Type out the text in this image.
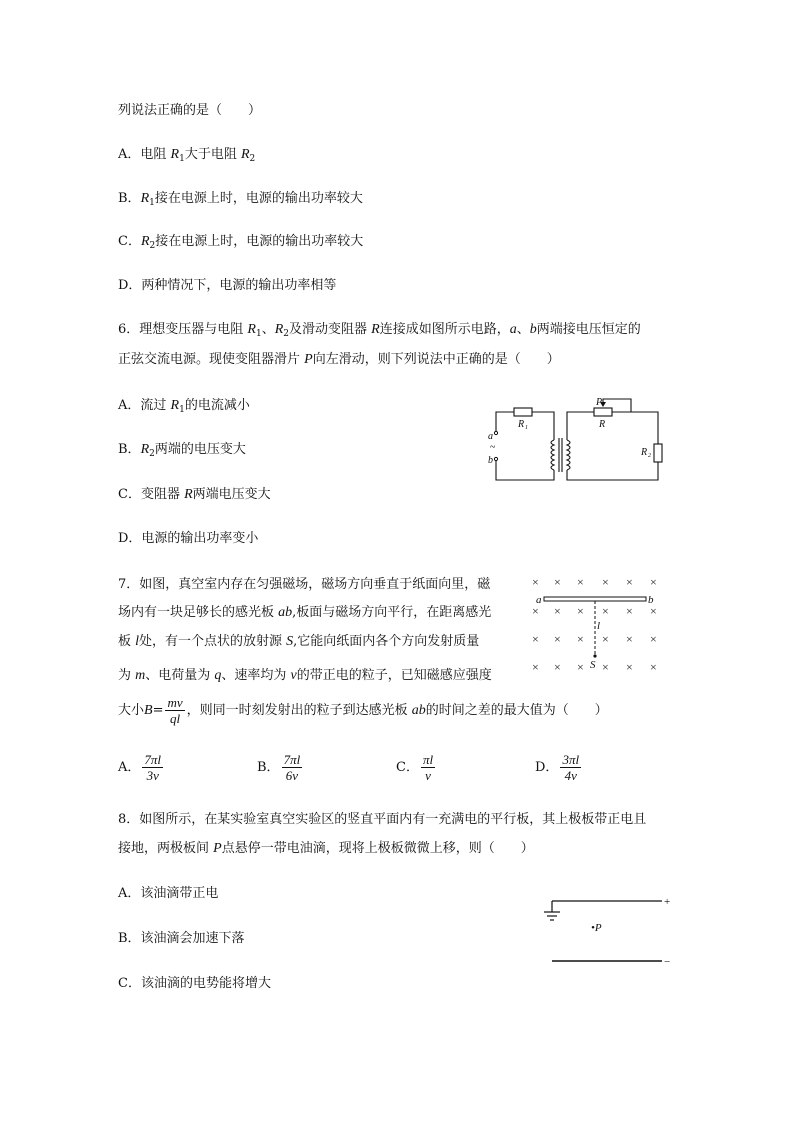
列说法正确的是（　　）
A．电阻 $R_1$大于电阻 $R_2$
B．$R_1$接在电源上时，电源的输出功率较大
C．$R_2$接在电源上时，电源的输出功率较大
D．两种情况下，电源的输出功率相等
6．理想变压器与电阻 $R_1$、$R_2$及滑动变阻器 R连接成如图所示电路，a、b两端接电压恒定的
正弦交流电源。现使变阻器滑片 P向左滑动，则下列说法中正确的是（　　）
A．流过 $R_1$的电流减小
B．$R_2$两端的电压变大
C．变阻器 R两端电压变大
D．电源的输出功率变小
R 1
P
R
R 2
a
~
b
7．如图，真空室内存在匀强磁场，磁场方向垂直于纸面向里，磁
场内有一块足够长的感光板 ab,板面与磁场方向平行，在距离感光
板 l处，有一个点状的放射源 S,它能向纸面内各个方向发射质量
为 m、电荷量为 q、速率均为 v的带正电的粒子，已知磁感应强度
大小$B= \frac{mv}{ql}$ ，则同一时刻发射出的粒子到达感光板 ab的时间之差的最大值为（　　）
A． $\frac{7\pi l}{3v}$	B． $\frac{7\pi l}{6v}$	C． $\frac{\pi l}{v}$	D． $\frac{3\pi l}{4v}$
× × × × × ×
× × × × × ×
× × × × × ×
× × × × × ×
a	b
l
S
8．如图所示，在某实验室真空实验区的竖直平面内有一充满电的平行板，其上极板带正电且
接地，两极板间 P点悬停一带电油滴，现将上极板微微上移，则（　　）
A．该油滴带正电
B．该油滴会加速下落
C．该油滴的电势能将增大
+
−
•P
